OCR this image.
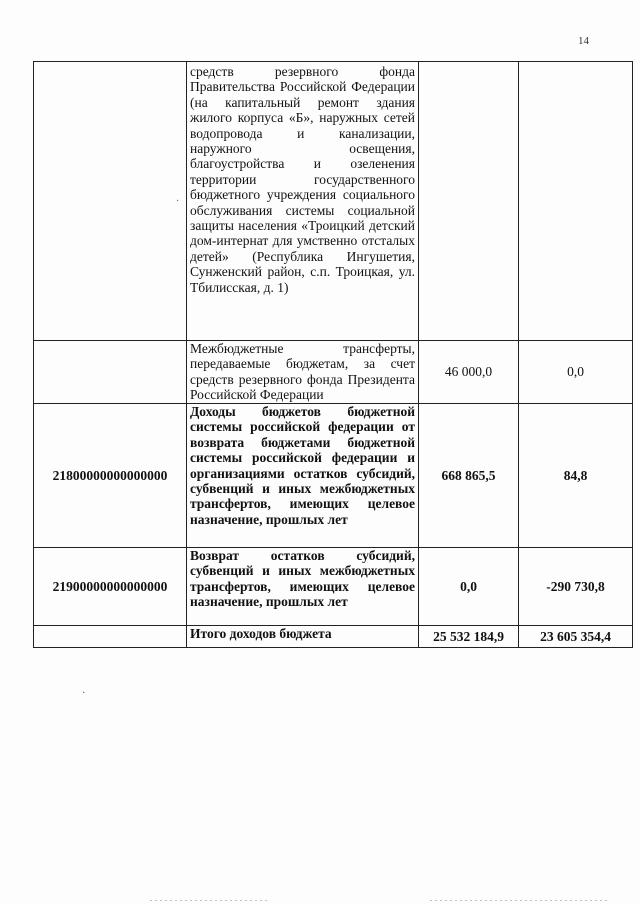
14

	средств резервного фонда Правительства Российской Федерации (на капитальный ремонт здания жилого корпуса «Б», наружных сетей водопровода и канализации, наружного освещения, благоустройства и озеленения территории государственного бюджетного учреждения социального обслуживания системы социальной защиты населения «Троицкий детский дом-интернат для умственно отсталых детей» (Республика Ингушетия, Сунженский район, с.п. Троицкая, ул. Тбилисская, д. 1)		

	Межбюджетные трансферты, передаваемые бюджетам, за счет средств резервного фонда Президента Российской Федерации	46 000,0	0,0
21800000000000000	Доходы бюджетов бюджетной системы российской федерации от возврата бюджетами бюджетной системы российской федерации и организациями остатков субсидий, субвенций и иных межбюджетных трансфертов, имеющих целевое назначение, прошлых лет	668 865,5	84,8
21900000000000000	Возврат остатков субсидий, субвенций и иных межбюджетных трансфертов, имеющих целевое назначение, прошлых лет	0,0	-290 730,8

	Итого доходов бюджета	25 532 184,9	23 605 354,4
·
·
